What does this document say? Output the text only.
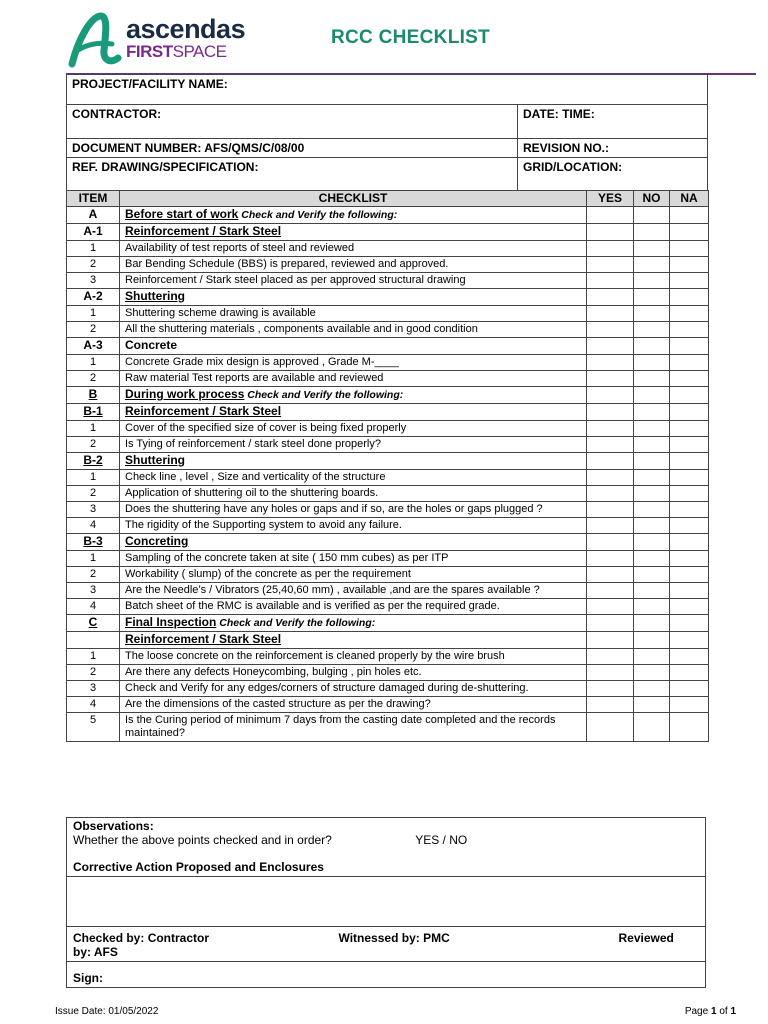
ascendas
FIRSTSPACE
RCC CHECKLIST
PROJECT/FACILITY NAME:	
CONTRACTOR:	DATE: TIME:
DOCUMENT NUMBER: AFS/QMS/C/08/00	REVISION NO.:
REF. DRAWING/SPECIFICATION:	GRID/LOCATION:
ITEM	CHECKLIST	YES	NO	NA
A	Before start of work Check and Verify the following:			
A-1	Reinforcement / Stark Steel			
1	Availability of test reports of steel and reviewed			
2	Bar Bending Schedule (BBS) is prepared, reviewed and approved.			
3	Reinforcement / Stark steel placed as per approved structural drawing			
A-2	Shuttering			
1	Shuttering scheme drawing is available			
2	All the shuttering materials , components available and in good condition			
A-3	Concrete			
1	Concrete Grade mix design is approved , Grade M-____			
2	Raw material Test reports are available and reviewed			
B	During work process Check and Verify the following:			
B-1	Reinforcement / Stark Steel			
1	Cover of the specified size of cover is being fixed properly			
2	Is Tying of reinforcement / stark steel done properly?			
B-2	Shuttering			
1	Check line , level , Size and verticality of the structure			
2	Application of shuttering oil to the shuttering boards.			
3	Does the shuttering have any holes or gaps and if so, are the holes or gaps plugged ?			
4	The rigidity of the Supporting system to avoid any failure.			
B-3	Concreting			
1	Sampling of the concrete taken at site ( 150 mm cubes) as per ITP			
2	Workability ( slump) of the concrete as per the requirement			
3	Are the Needle’s / Vibrators (25,40,60 mm) , available ,and are the spares available ?			
4	Batch sheet of the RMC is available and is verified as per the required grade.			
C	Final Inspection Check and Verify the following:			
	Reinforcement / Stark Steel			
1	The loose concrete on the reinforcement is cleaned properly by the wire brush			
2	Are there any defects Honeycombing, bulging , pin holes etc.			
3	Check and Verify for any edges/corners of structure damaged during de-shuttering.			
4	Are the dimensions of the casted structure as per the drawing?			
5	Is the Curing period of minimum 7 days from the casting date completed and the records maintained?			
Observations:
Whether the above points checked and in order?	YES / NO
Corrective Action Proposed and Enclosures

Checked by: Contractor	Witnessed by: PMC	Reviewed
by: AFS

Sign:
Issue Date: 01/05/2022	Page 1 of 1
